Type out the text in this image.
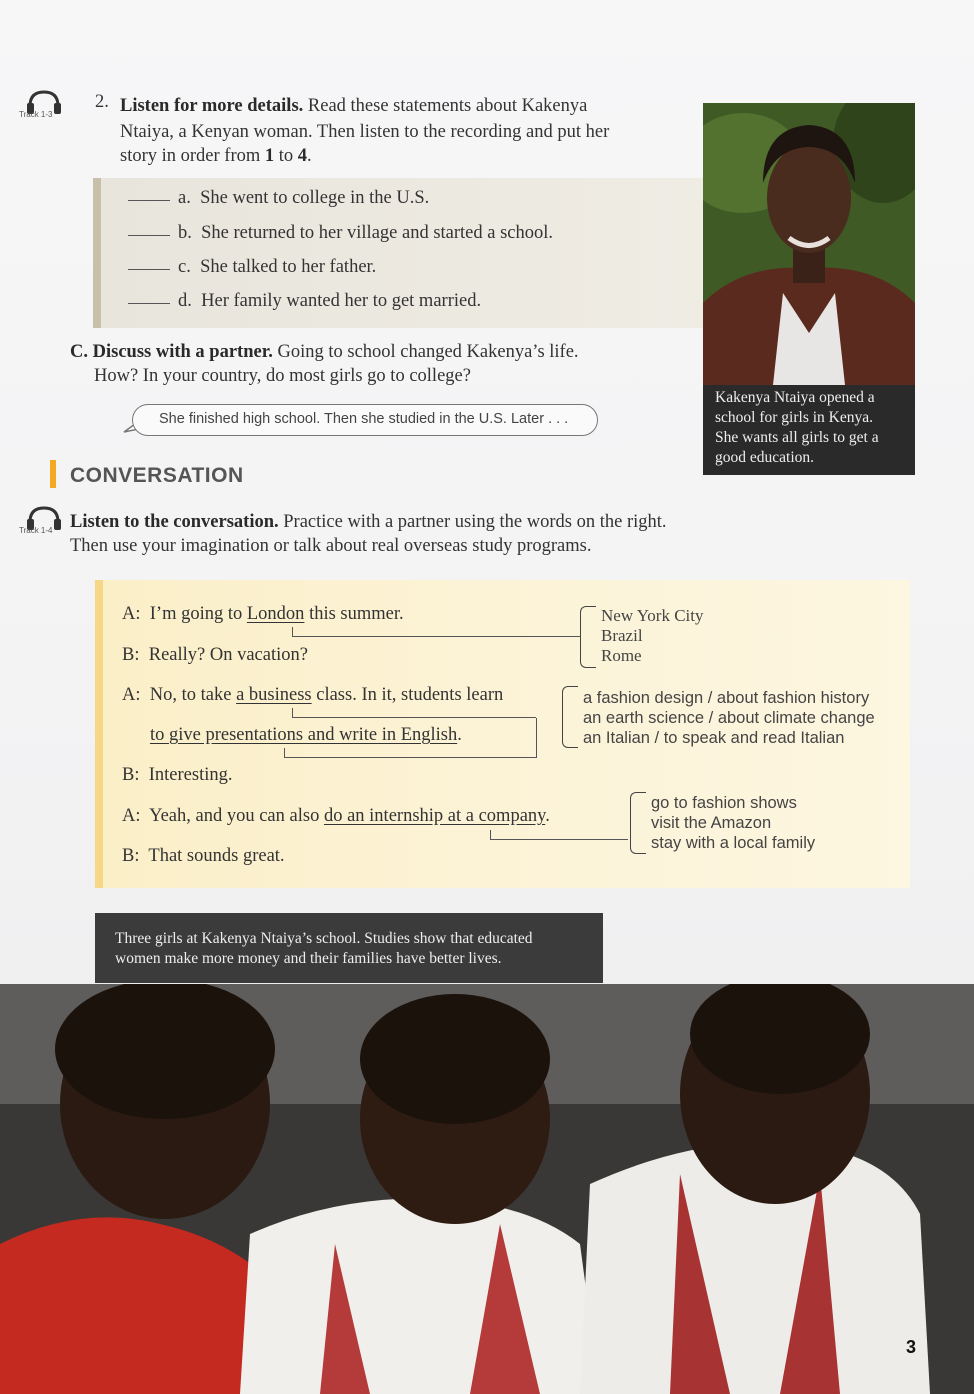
Track 1-3
2. Listen for more details. Read these statements about Kakenya
Ntaiya, a Kenyan woman. Then listen to the recording and put her
story in order from 1 to 4.
a. She went to college in the U.S.
b. She returned to her village and started a school.
c. She talked to her father.
d. Her family wanted her to get married.
C. Discuss with a partner. Going to school changed Kakenya’s life.
How? In your country, do most girls go to college?
She finished high school. Then she studied in the U.S. Later . . .
Kakenya Ntaiya opened a
school for girls in Kenya.
She wants all girls to get a
good education.
CONVERSATION
Track 1-4 Listen to the conversation. Practice with a partner using the words on the right.
Then use your imagination or talk about real overseas study programs.
A: I’m going to London this summer.
B: Really? On vacation?
A: No, to take a business class. In it, students learn
to give presentations and write in English.
B: Interesting.
A: Yeah, and you can also do an internship at a company.
B: That sounds great.
New York City
Brazil
Rome
a fashion design / about fashion history
an earth science / about climate change
an Italian / to speak and read Italian
go to fashion shows
visit the Amazon
stay with a local family
Three girls at Kakenya Ntaiya’s school. Studies show that educated
women make more money and their families have better lives.
3
